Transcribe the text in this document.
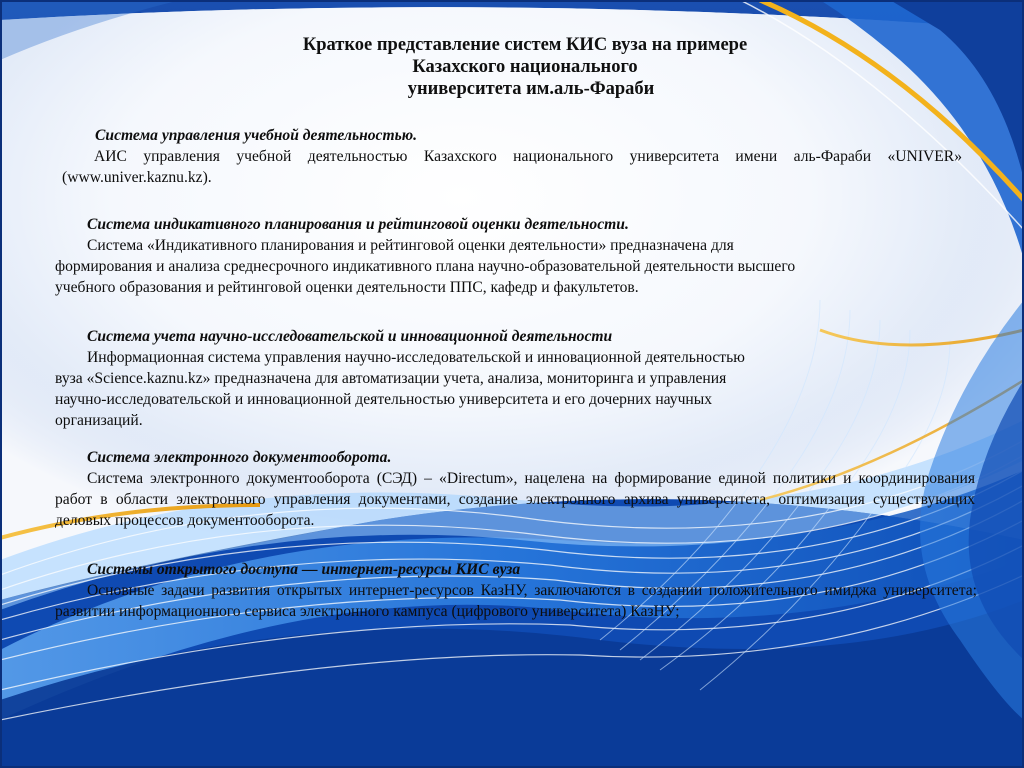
Краткое представление систем КИС вуза на примере
Казахского национального
университета им.аль-Фараби
Система управления учебной деятельностью.
АИС управления учебной деятельностью Казахского национального университета имени аль-Фараби «UNIVER» (www.univer.kaznu.kz).
Система индикативного планирования и рейтинговой оценки деятельности.
Система «Индикативного планирования и рейтинговой оценки деятельности» предназначена для
формирования и анализа среднесрочного индикативного плана научно-образовательной деятельности высшего
учебного образования и рейтинговой оценки деятельности ППС, кафедр и факультетов.
Система учета научно-исследовательской и инновационной деятельности
Информационная система управления научно-исследовательской и инновационной деятельностью
вуза «Science.kaznu.kz» предназначена для автоматизации учета, анализа, мониторинга и управления
научно-исследовательской и инновационной деятельностью университета и его дочерних научных
организаций.
Система электронного документооборота.
Система электронного документооборота (СЭД) – «Directum», нацелена на формирование единой политики и координирования работ в области электронного управления документами, создание электронного архива университета, оптимизация существующих деловых процессов документооборота.
Системы открытого доступа — интернет-ресурсы КИС вуза
Основные задачи развития открытых интернет-ресурсов КазНУ, заключаются в создании положительного имиджа университета; развитии информационного сервиса электронного кампуса (цифрового университета) КазНУ;
